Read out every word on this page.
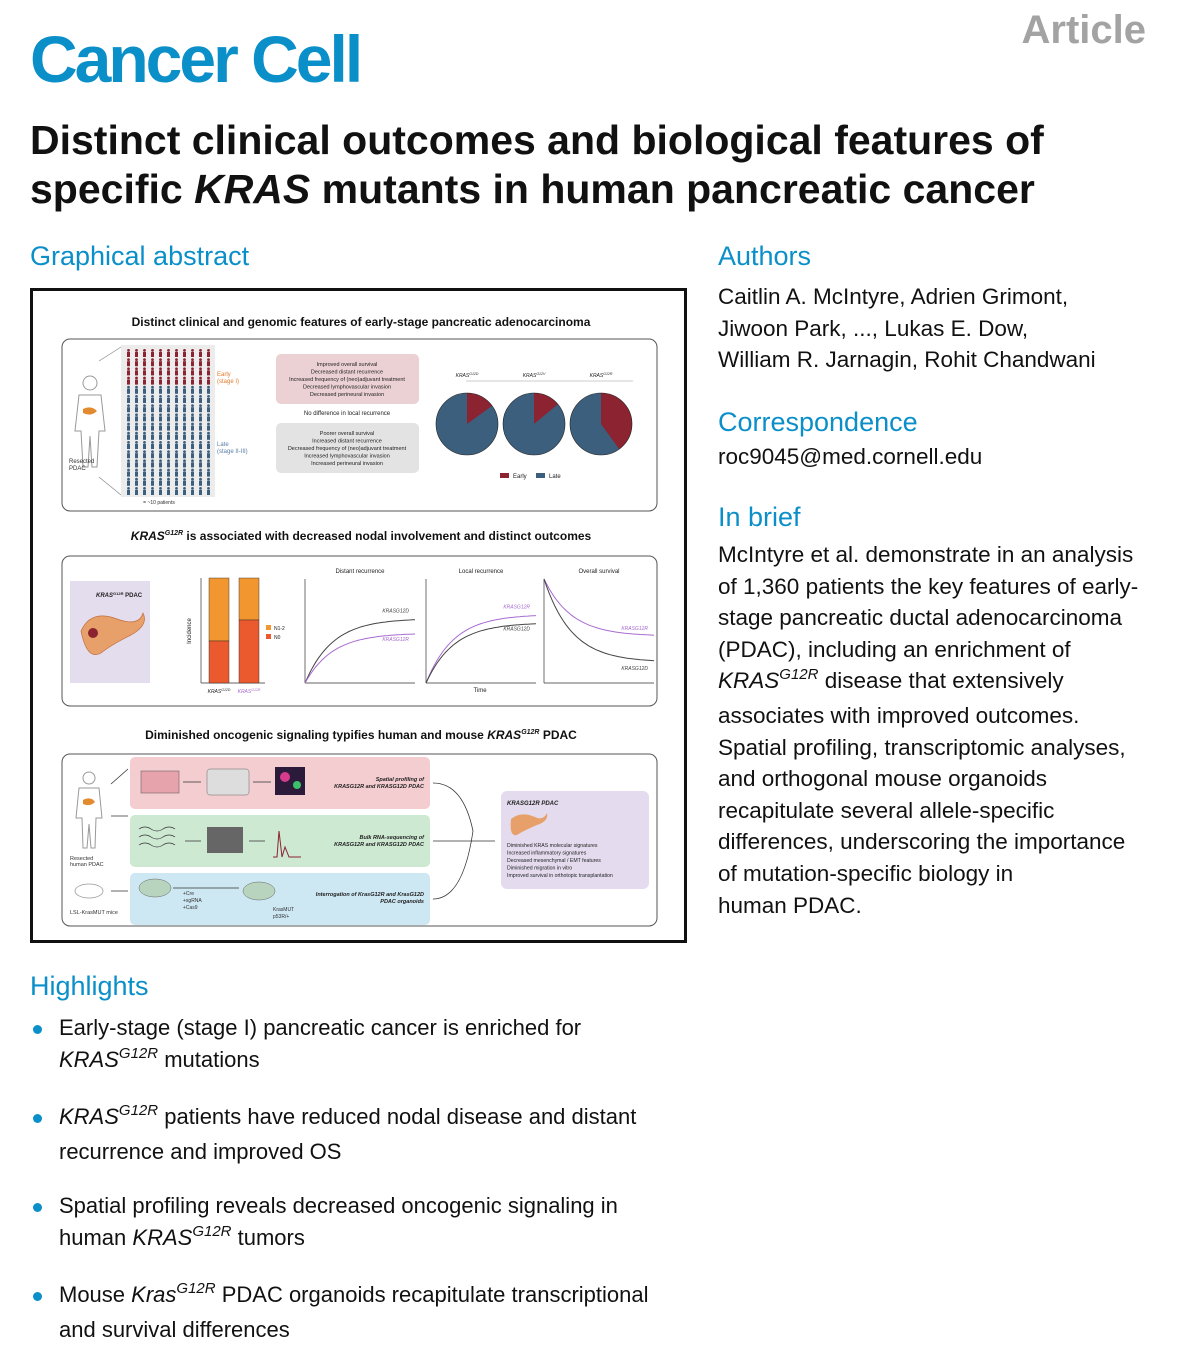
Cancer Cell	Article
Distinct clinical outcomes and biological features of
specific KRAS mutants in human pancreatic cancer
Graphical abstract
Distinct clinical and genomic features of early-stage pancreatic adenocarcinoma
Resected
PDAC
Early
(stage I)
Late
(stage II-III)
= ~10 patients
Improved overall survival
Decreased distant recurrence
Increased frequency of (neo)adjuvant treatment
Decreased lymphovascular invasion
Decreased perineural invasion
No difference in local recurrence
Poorer overall survival
Increased distant recurrence
Decreased frequency of (neo)adjuvant treatment
Increased lymphovascular invasion
Increased perineural invasion
$KRAS^{G12D}$	$KRAS^{G12V}$	$KRAS^{G12R}$
Early	Late
$KRAS^{G12R}$ is associated with decreased nodal involvement and distinct outcomes
$KRAS^{G12R}$ PDAC
$KRAS^{G12D}$ $KRAS^{G12R}$
Incidence	N1-2
N0
Distant recurrence
KRASG12D
KRASG12R
Local recurrence
KRASG12R
KRASG12D
Overall survival
KRASG12R
KRASG12D
Time
Diminished oncogenic signaling typifies human and mouse $KRAS^{G12R}$ PDAC
Resected
human PDAC
LSL-KrasMUT mice
Spatial profiling of
KRASG12R and KRASG12D PDAC
Bulk RNA-sequencing of
KRASG12R and KRASG12D PDAC
+Cre
+sgRNA
+Cas9	KrasMUT
p53R/+
Interrogation of KrasG12R and KrasG12D
PDAC organoids
KRASG12R PDAC
Diminished KRAS molecular signatures
Increased inflammatory signatures
Decreased mesenchymal / EMT features
Diminished migration in vitro
Improved survival in orthotopic transplantation
Authors
Caitlin A. McIntyre, Adrien Grimont,
Jiwoon Park, ..., Lukas E. Dow,
William R. Jarnagin, Rohit Chandwani
Correspondence
roc9045@med.cornell.edu
In brief
McIntyre et al. demonstrate in an analysis
of 1,360 patients the key features of early-
stage pancreatic ductal adenocarcinoma
(PDAC), including an enrichment of
$KRAS^{G12R}$ disease that extensively
associates with improved outcomes.
Spatial profiling, transcriptomic analyses,
and orthogonal mouse organoids
recapitulate several allele-specific
differences, underscoring the importance
of mutation-specific biology in
human PDAC.
Highlights
Early-stage (stage I) pancreatic cancer is enriched for
$KRAS^{G12R}$ mutations
$KRAS^{G12R}$ patients have reduced nodal disease and distant
recurrence and improved OS
Spatial profiling reveals decreased oncogenic signaling in
human $KRAS^{G12R}$ tumors
Mouse Kras$^{G12R}$ PDAC organoids recapitulate transcriptional
and survival differences
